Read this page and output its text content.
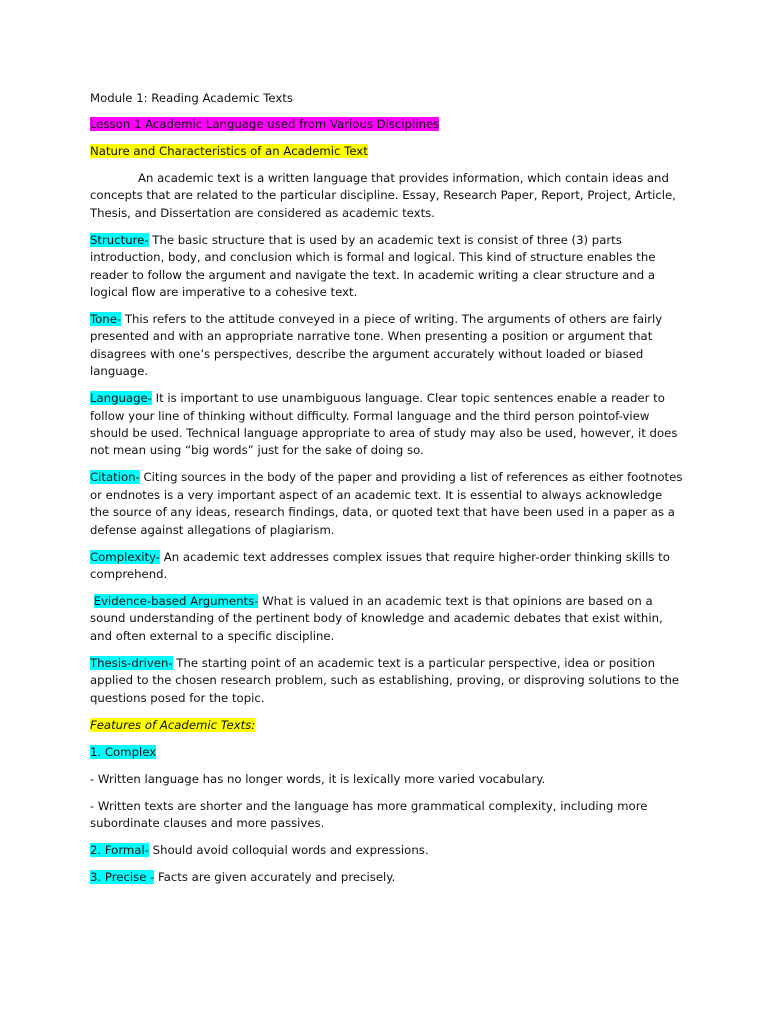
Module 1: Reading Academic Texts

Lesson 1 Academic Language used from Various Disciplines

Nature and Characteristics of an Academic Text

An academic text is a written language that provides information, which contain ideas and concepts that are related to the particular discipline. Essay, Research Paper, Report, Project, Article, Thesis, and Dissertation are considered as academic texts.

Structure- The basic structure that is used by an academic text is consist of three (3) parts introduction, body, and conclusion which is formal and logical. This kind of structure enables the reader to follow the argument and navigate the text. In academic writing a clear structure and a logical flow are imperative to a cohesive text.

Tone- This refers to the attitude conveyed in a piece of writing. The arguments of others are fairly presented and with an appropriate narrative tone. When presenting a position or argument that disagrees with one’s perspectives, describe the argument accurately without loaded or biased language.

Language- It is important to use unambiguous language. Clear topic sentences enable a reader to follow your line of thinking without difficulty. Formal language and the third person pointof-view should be used. Technical language appropriate to area of study may also be used, however, it does not mean using “big words” just for the sake of doing so.

Citation- Citing sources in the body of the paper and providing a list of references as either footnotes or endnotes is a very important aspect of an academic text. It is essential to always acknowledge the source of any ideas, research findings, data, or quoted text that have been used in a paper as a defense against allegations of plagiarism.

Complexity- An academic text addresses complex issues that require higher-order thinking skills to comprehend.

Evidence-based Arguments- What is valued in an academic text is that opinions are based on a sound understanding of the pertinent body of knowledge and academic debates that exist within, and often external to a specific discipline.

Thesis-driven- The starting point of an academic text is a particular perspective, idea or position applied to the chosen research problem, such as establishing, proving, or disproving solutions to the questions posed for the topic.

Features of Academic Texts:

1. Complex

- Written language has no longer words, it is lexically more varied vocabulary.

- Written texts are shorter and the language has more grammatical complexity, including more subordinate clauses and more passives.

2. Formal- Should avoid colloquial words and expressions.

3. Precise - Facts are given accurately and precisely.
